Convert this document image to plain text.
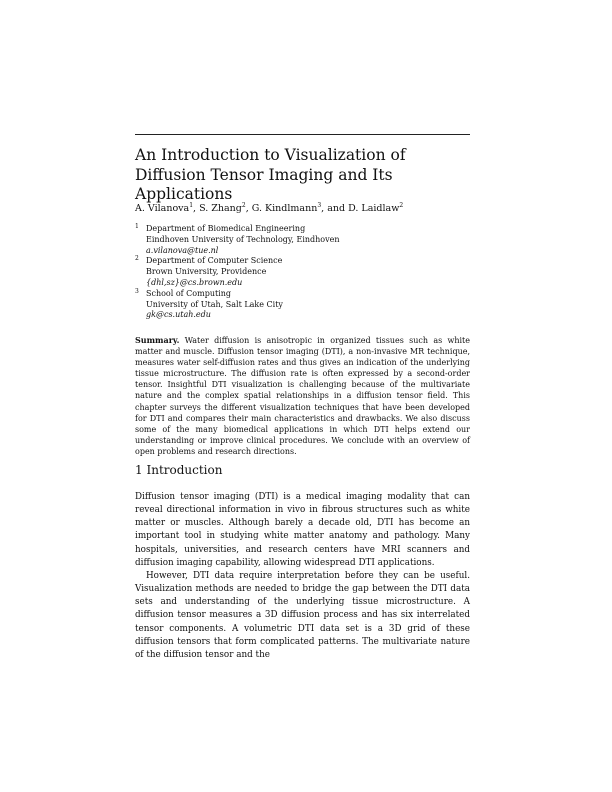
An Introduction to Visualization of Diffusion Tensor Imaging and Its Applications

A. Vilanova$^1$, S. Zhang$^2$, G. Kindlmann$^3$, and D. Laidlaw$^2$

1 Department of Biomedical Engineering
Eindhoven University of Technology, Eindhoven
a.vilanova@tue.nl
2 Department of Computer Science
Brown University, Providence
{dhl,sz}@cs.brown.edu
3 School of Computing
University of Utah, Salt Lake City
gk@cs.utah.edu

Summary. Water diffusion is anisotropic in organized tissues such as white matter and muscle. Diffusion tensor imaging (DTI), a non-invasive MR technique, measures water self-diffusion rates and thus gives an indication of the underlying tissue microstructure. The diffusion rate is often expressed by a second-order tensor. Insightful DTI visualization is challenging because of the multivariate nature and the complex spatial relationships in a diffusion tensor field. This chapter surveys the different visualization techniques that have been developed for DTI and compares their main characteristics and drawbacks. We also discuss some of the many biomedical applications in which DTI helps extend our understanding or improve clinical procedures. We conclude with an overview of open problems and research directions.

1 Introduction

Diffusion tensor imaging (DTI) is a medical imaging modality that can reveal directional information in vivo in fibrous structures such as white matter or muscles. Although barely a decade old, DTI has become an important tool in studying white matter anatomy and pathology. Many hospitals, universities, and research centers have MRI scanners and diffusion imaging capability, allowing widespread DTI applications.

However, DTI data require interpretation before they can be useful. Visualization methods are needed to bridge the gap between the DTI data sets and understanding of the underlying tissue microstructure. A diffusion tensor measures a 3D diffusion process and has six interrelated tensor components. A volumetric DTI data set is a 3D grid of these diffusion tensors that form complicated patterns. The multivariate nature of the diffusion tensor and the
